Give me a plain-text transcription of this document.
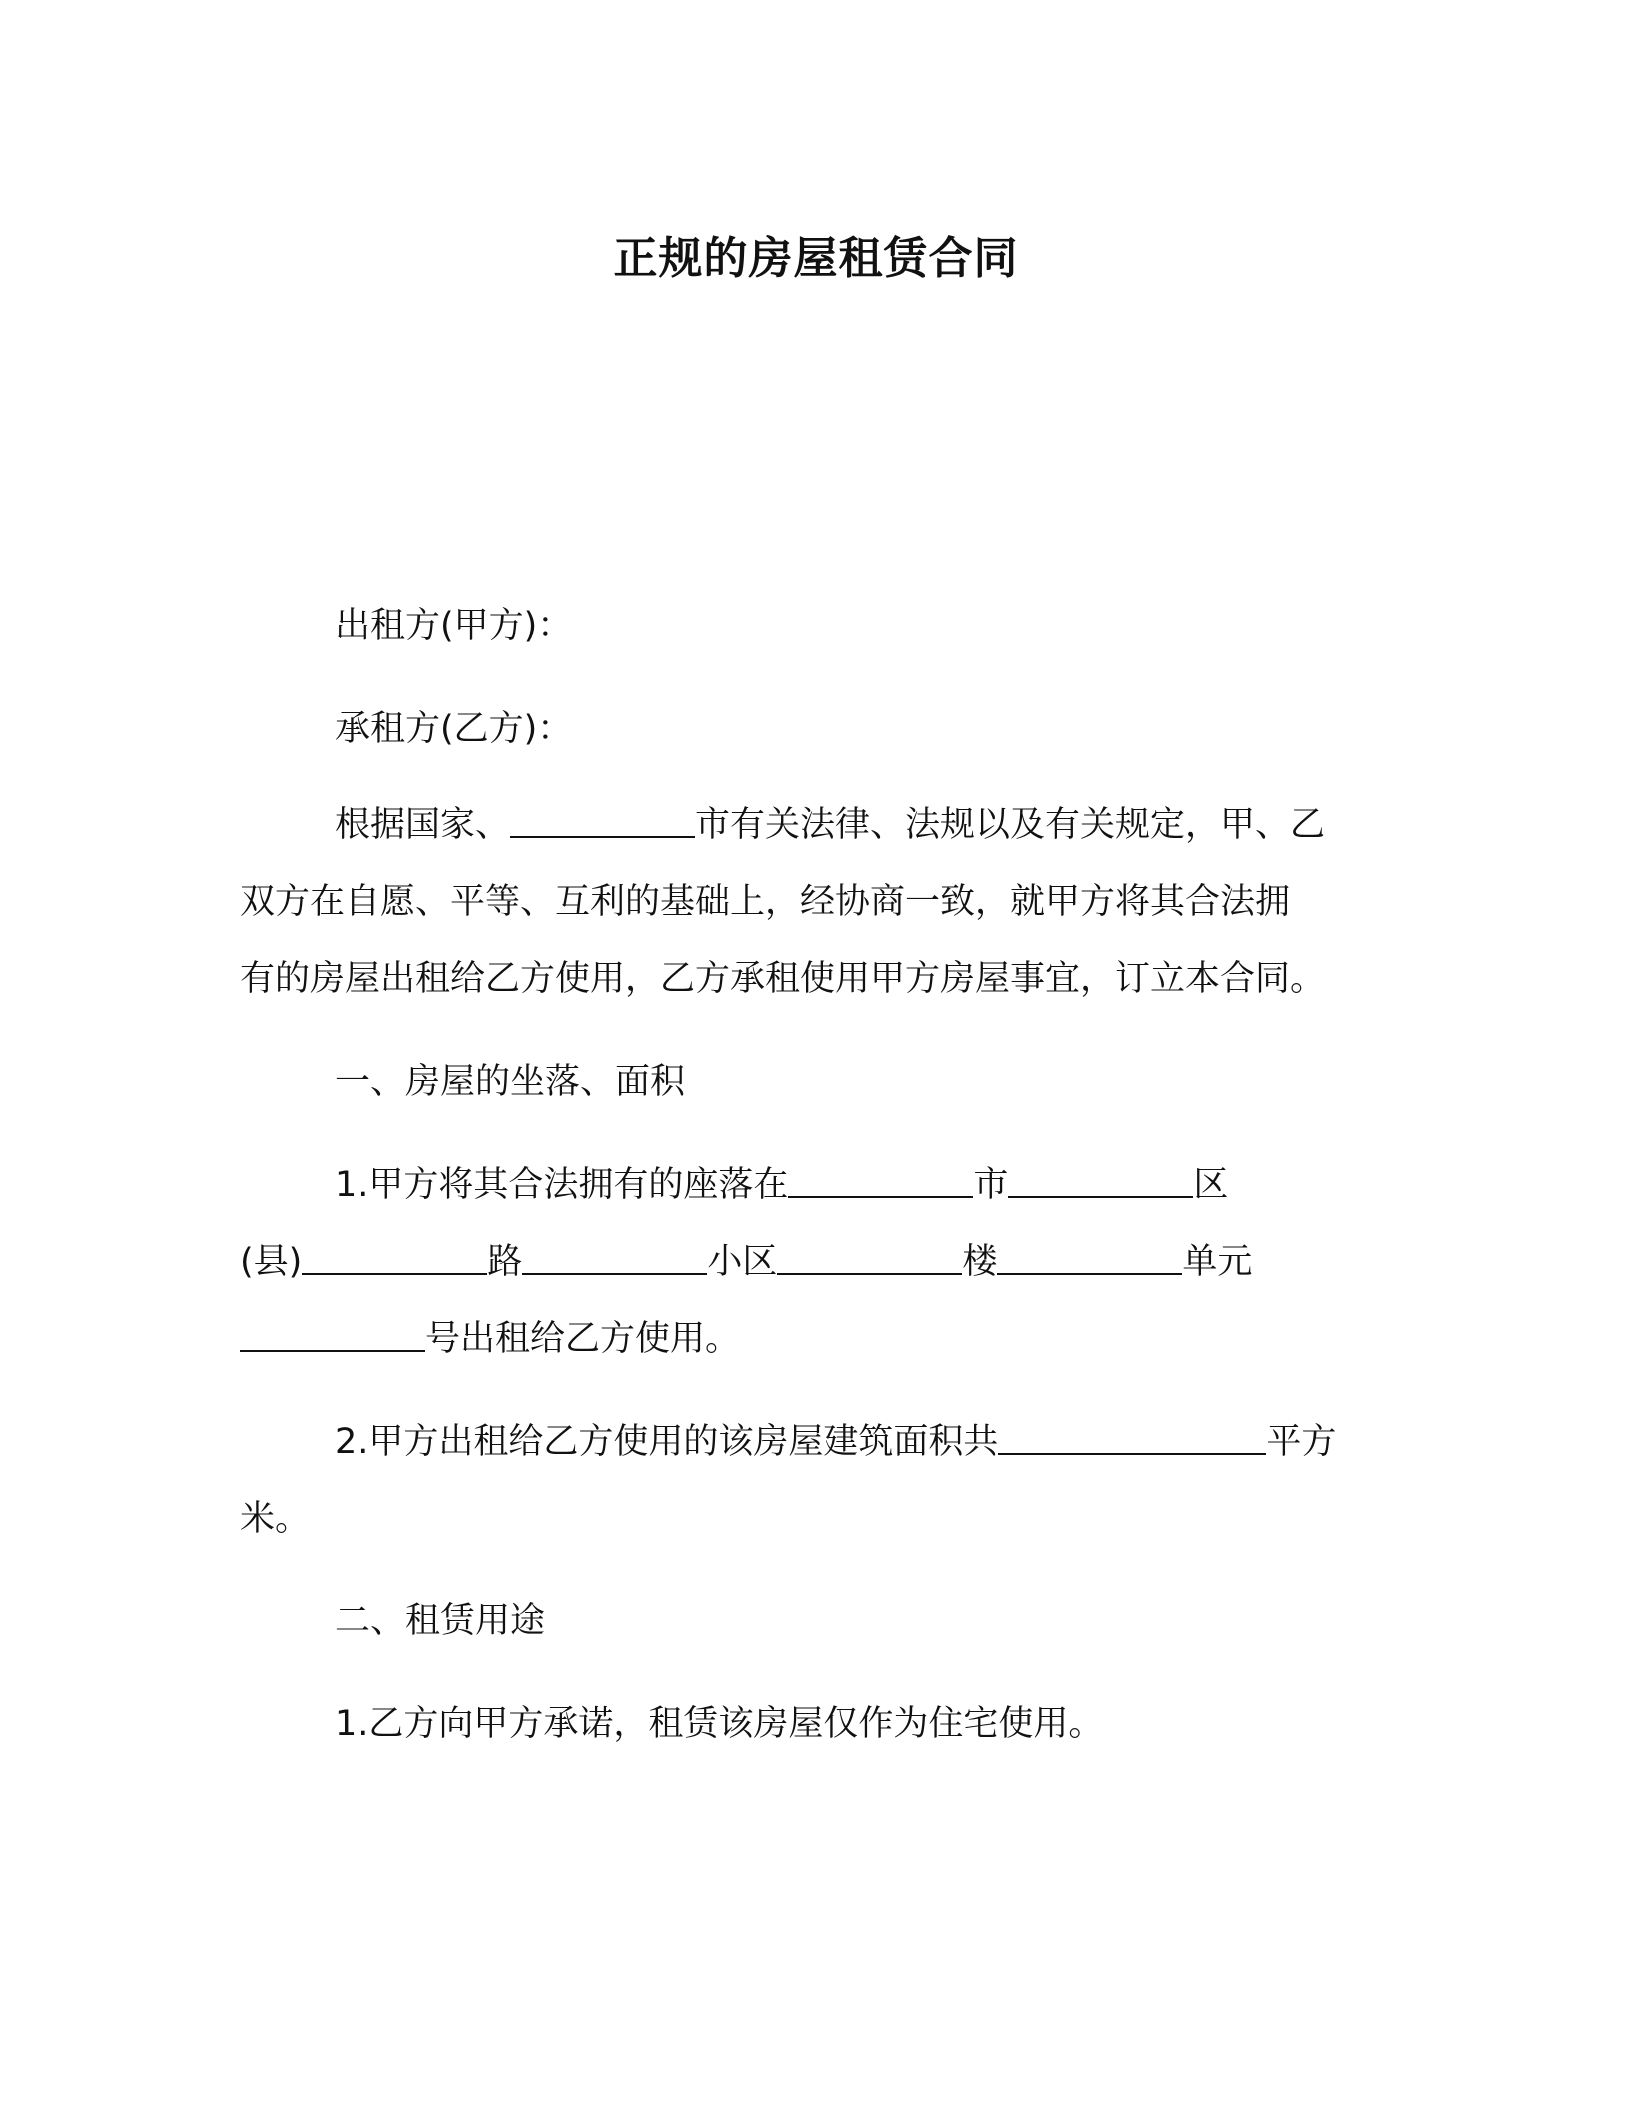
正规的房屋租赁合同
出租方(甲方)：
承租方(乙方)：
根据国家、	市有关法律、法规以及有关规定，甲、乙
双方在自愿、平等、互利的基础上，经协商一致，就甲方将其合法拥
有的房屋出租给乙方使用，乙方承租使用甲方房屋事宜，订立本合同。
一、房屋的坐落、面积
1.甲方将其合法拥有的座落在	市	区
(县)	路	小区	楼	单元
号出租给乙方使用。
2.甲方出租给乙方使用的该房屋建筑面积共	平方
米。
二、租赁用途
1.乙方向甲方承诺，租赁该房屋仅作为住宅使用。
